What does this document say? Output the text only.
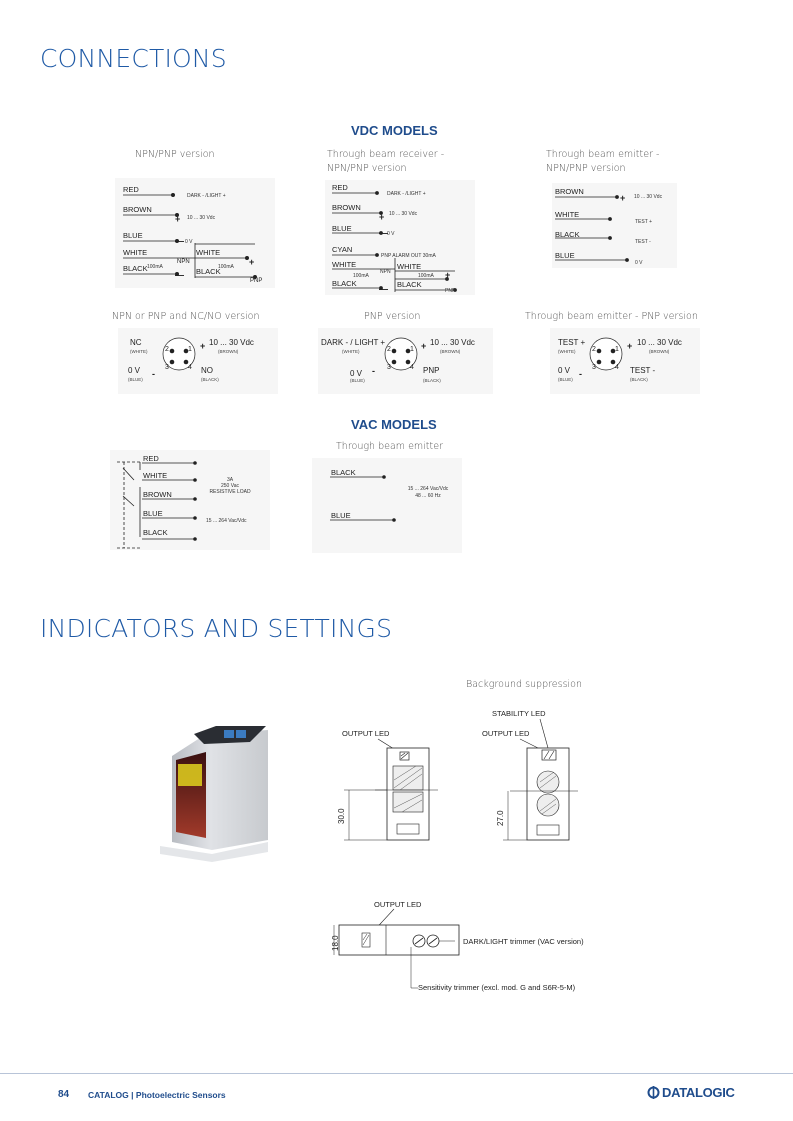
CONNECTIONS
VDC MODELS
NPN/PNP version	Through beam receiver -
NPN/PNP version
Through beam emitter -
NPN/PNP version
RED
BROWN
BLUE
WHITE
BLACK
WHITE
BLACK
DARK - /LIGHT +
10 ... 30 Vdc
0 V
100mA	100mA
NPN
PNP
+
—
—
+
RED
BROWN
BLUE
CYAN
WHITE
BLACK
WHITE
BLACK
DARK - /LIGHT +
10 ... 30 Vdc
0 V
PNP ALARM OUT 30mA
100mA	100mA
NPN
PNP
+
—
—
+
BROWN
WHITE
BLACK
BLUE
10 ... 30 Vdc
TEST +
TEST -
0 V
+
NPN or PNP and NC/NO version	PNP version	Through beam emitter - PNP version
2	1
3	4
NC	10 ... 30 Vdc
0 V	NO
(WHITE)	(BROWN)
(BLUE)	(BLACK)
+
-
2	1
3	4
DARK - / LIGHT +	10 ... 30 Vdc
0 V	PNP
(WHITE)	(BROWN)
(BLUE)	(BLACK)
+
-
2	1
3	4
TEST +	10 ... 30 Vdc
0 V	TEST -
(WHITE)	(BROWN)
(BLUE)	(BLACK)
+
-
VAC MODELS
Through beam emitter
RED
WHITE
BROWN
BLUE
BLACK
3A
250 Vac
RESISTIVE LOAD
15 ... 264 Vac/Vdc
BLACK
BLUE
15 ... 264 Vac/Vdc
48 ... 60 Hz
INDICATORS AND SETTINGS
Background suppression
OUTPUT LED
30.0
STABILITY LED
OUTPUT LED
27.0
OUTPUT LED
18.0	DARK/LIGHT trimmer (VAC version)
Sensitivity trimmer (excl. mod. G and S6R-5-M)
84 CATALOG | Photoelectric Sensors	DATALOGIC
